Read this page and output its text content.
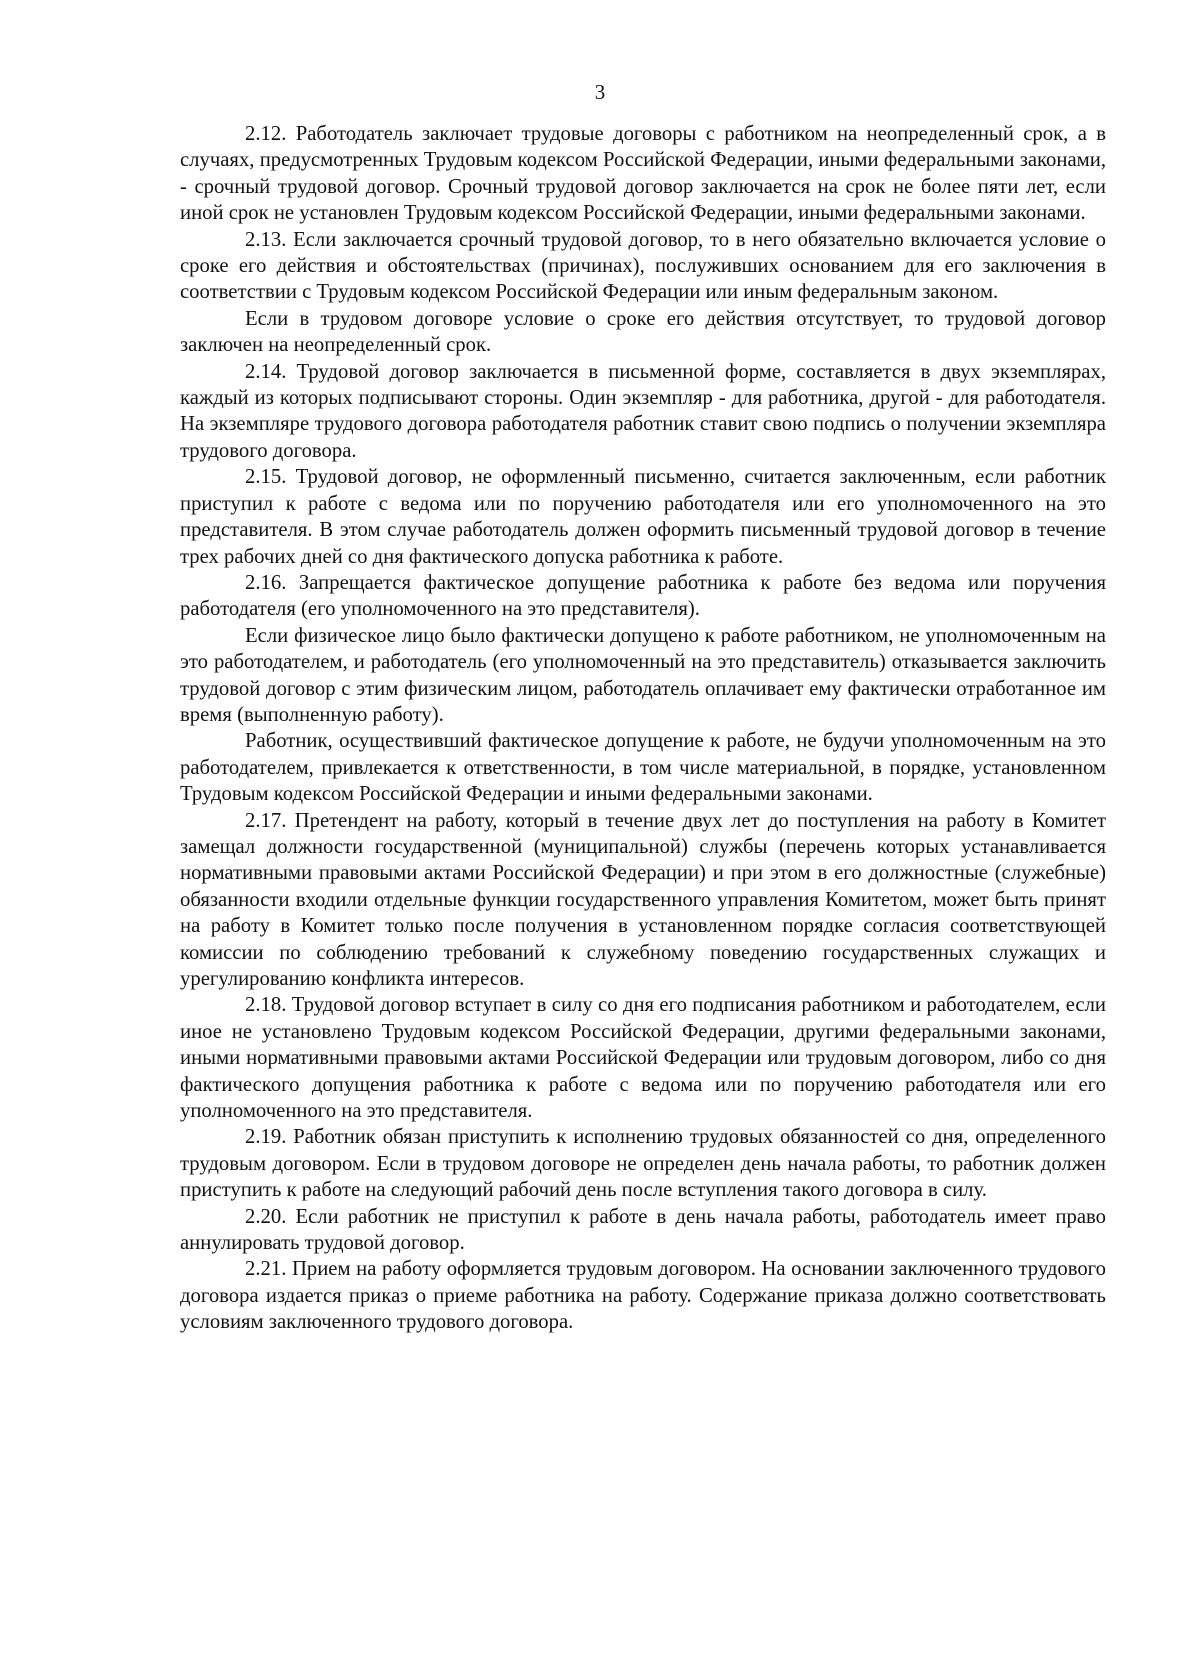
3

2.12. Работодатель заключает трудовые договоры с работником на неопределенный срок, а в случаях, предусмотренных Трудовым кодексом Российской Федерации, иными федеральными законами, - срочный трудовой договор. Срочный трудовой договор заключается на срок не более пяти лет, если иной срок не установлен Трудовым кодексом Российской Федерации, иными федеральными законами.

2.13. Если заключается срочный трудовой договор, то в него обязательно включается условие о сроке его действия и обстоятельствах (причинах), послуживших основанием для его заключения в соответствии с Трудовым кодексом Российской Федерации или иным федеральным законом.

Если в трудовом договоре условие о сроке его действия отсутствует, то трудовой договор заключен на неопределенный срок.

2.14. Трудовой договор заключается в письменной форме, составляется в двух экземплярах, каждый из которых подписывают стороны. Один экземпляр - для работника, другой - для работодателя. На экземпляре трудового договора работодателя работник ставит свою подпись о получении экземпляра трудового договора.

2.15. Трудовой договор, не оформленный письменно, считается заключенным, если работник приступил к работе с ведома или по поручению работодателя или его уполномоченного на это представителя. В этом случае работодатель должен оформить письменный трудовой договор в течение трех рабочих дней со дня фактического допуска работника к работе.

2.16. Запрещается фактическое допущение работника к работе без ведома или поручения работодателя (его уполномоченного на это представителя).

Если физическое лицо было фактически допущено к работе работником, не уполномоченным на это работодателем, и работодатель (его уполномоченный на это представитель) отказывается заключить трудовой договор с этим физическим лицом, работодатель оплачивает ему фактически отработанное им время (выполненную работу).

Работник, осуществивший фактическое допущение к работе, не будучи уполномоченным на это работодателем, привлекается к ответственности, в том числе материальной, в порядке, установленном Трудовым кодексом Российской Федерации и иными федеральными законами.

2.17. Претендент на работу, который в течение двух лет до поступления на работу в Комитет замещал должности государственной (муниципальной) службы (перечень которых устанавливается нормативными правовыми актами Российской Федерации) и при этом в его должностные (служебные) обязанности входили отдельные функции государственного управления Комитетом, может быть принят на работу в Комитет только после получения в установленном порядке согласия соответствующей комиссии по соблюдению требований к служебному поведению государственных служащих и урегулированию конфликта интересов.

2.18. Трудовой договор вступает в силу со дня его подписания работником и работодателем, если иное не установлено Трудовым кодексом Российской Федерации, другими федеральными законами, иными нормативными правовыми актами Российской Федерации или трудовым договором, либо со дня фактического допущения работника к работе с ведома или по поручению работодателя или его уполномоченного на это представителя.

2.19. Работник обязан приступить к исполнению трудовых обязанностей со дня, определенного трудовым договором. Если в трудовом договоре не определен день начала работы, то работник должен приступить к работе на следующий рабочий день после вступления такого договора в силу.

2.20. Если работник не приступил к работе в день начала работы, работодатель имеет право аннулировать трудовой договор.

2.21. Прием на работу оформляется трудовым договором. На основании заключенного трудового договора издается приказ о приеме работника на работу. Содержание приказа должно соответствовать условиям заключенного трудового договора.
